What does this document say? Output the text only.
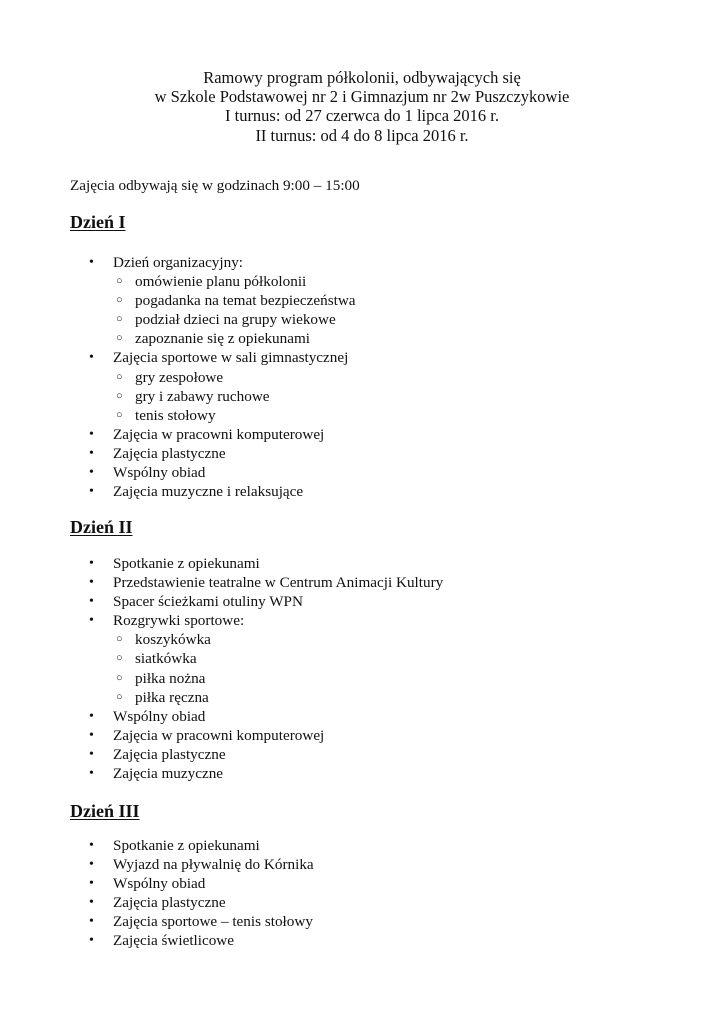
Ramowy program półkolonii, odbywających się
w Szkole Podstawowej nr 2 i Gimnazjum nr 2w Puszczykowie
I turnus: od 27 czerwca do 1 lipca 2016 r.
II turnus: od 4 do 8 lipca 2016 r.
Zajęcia odbywają się w godzinach 9:00 – 15:00
Dzień I
• Dzień organizacyjny:
○ omówienie planu półkolonii
○ pogadanka na temat bezpieczeństwa
○ podział dzieci na grupy wiekowe
○ zapoznanie się z opiekunami
• Zajęcia sportowe w sali gimnastycznej
○ gry zespołowe
○ gry i zabawy ruchowe
○ tenis stołowy
• Zajęcia w pracowni komputerowej
• Zajęcia plastyczne
• Wspólny obiad
• Zajęcia muzyczne i relaksujące
Dzień II
• Spotkanie z opiekunami
• Przedstawienie teatralne w Centrum Animacji Kultury
• Spacer ścieżkami otuliny WPN
• Rozgrywki sportowe:
○ koszykówka
○ siatkówka
○ piłka nożna
○ piłka ręczna
• Wspólny obiad
• Zajęcia w pracowni komputerowej
• Zajęcia plastyczne
• Zajęcia muzyczne
Dzień III
• Spotkanie z opiekunami
• Wyjazd na pływalnię do Kórnika
• Wspólny obiad
• Zajęcia plastyczne
• Zajęcia sportowe – tenis stołowy
• Zajęcia świetlicowe
